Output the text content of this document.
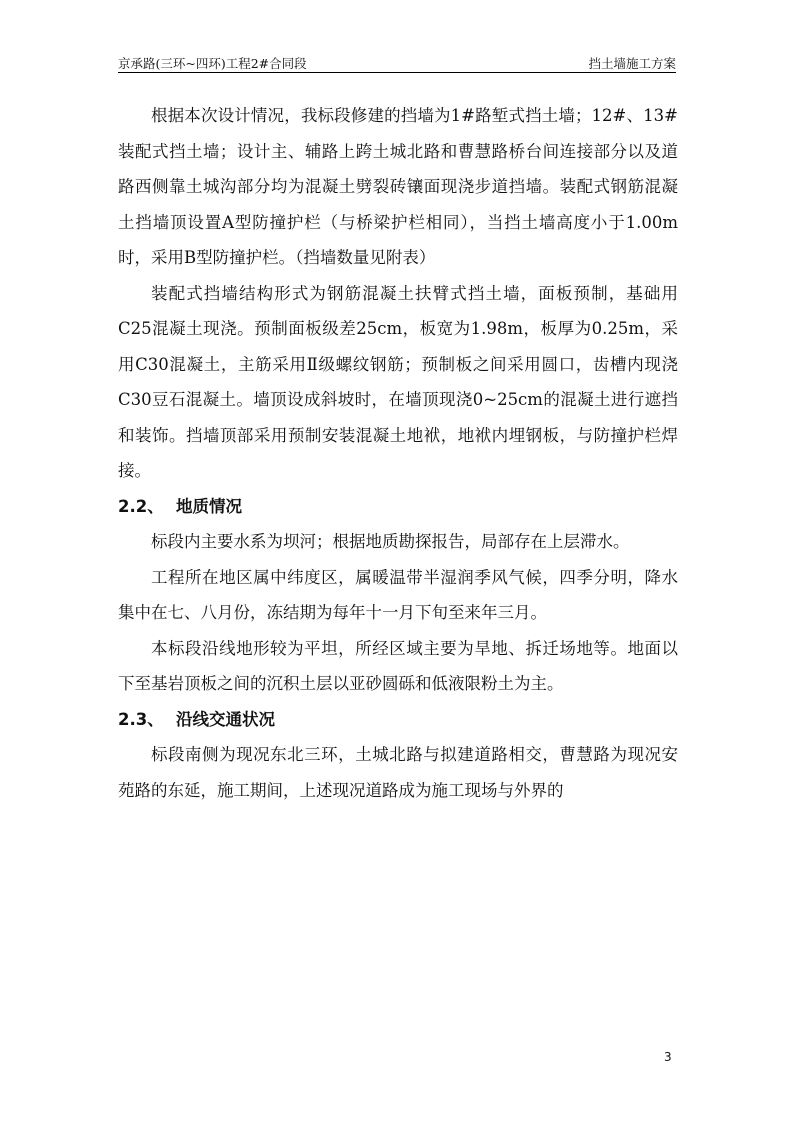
京承路(三环~四环)工程2#合同段	挡土墙施工方案

根据本次设计情况，我标段修建的挡墙为1#路堑式挡土墙；12#、13#装配式挡土墙；设计主、辅路上跨土城北路和曹慧路桥台间连接部分以及道路西侧靠土城沟部分均为混凝土劈裂砖镶面现浇步道挡墙。装配式钢筋混凝土挡墙顶设置A型防撞护栏（与桥梁护栏相同），当挡土墙高度小于1.00m时，采用B型防撞护栏。（挡墙数量见附表）

装配式挡墙结构形式为钢筋混凝土扶臂式挡土墙，面板预制，基础用C25混凝土现浇。预制面板级差25cm，板宽为1.98m，板厚为0.25m，采用C30混凝土，主筋采用Ⅱ级螺纹钢筋；预制板之间采用圆口，齿槽内现浇C30豆石混凝土。墙顶设成斜坡时，在墙顶现浇0~25cm的混凝土进行遮挡和装饰。挡墙顶部采用预制安装混凝土地袱，地袱内埋钢板，与防撞护栏焊接。

2.2、 地质情况

标段内主要水系为坝河；根据地质勘探报告，局部存在上层滞水。

工程所在地区属中纬度区，属暖温带半湿润季风气候，四季分明，降水集中在七、八月份，冻结期为每年十一月下旬至来年三月。

本标段沿线地形较为平坦，所经区域主要为旱地、拆迁场地等。地面以下至基岩顶板之间的沉积土层以亚砂圆砾和低液限粉土为主。

2.3、 沿线交通状况

标段南侧为现况东北三环，土城北路与拟建道路相交，曹慧路为现况安苑路的东延，施工期间，上述现况道路成为施工现场与外界的

3
